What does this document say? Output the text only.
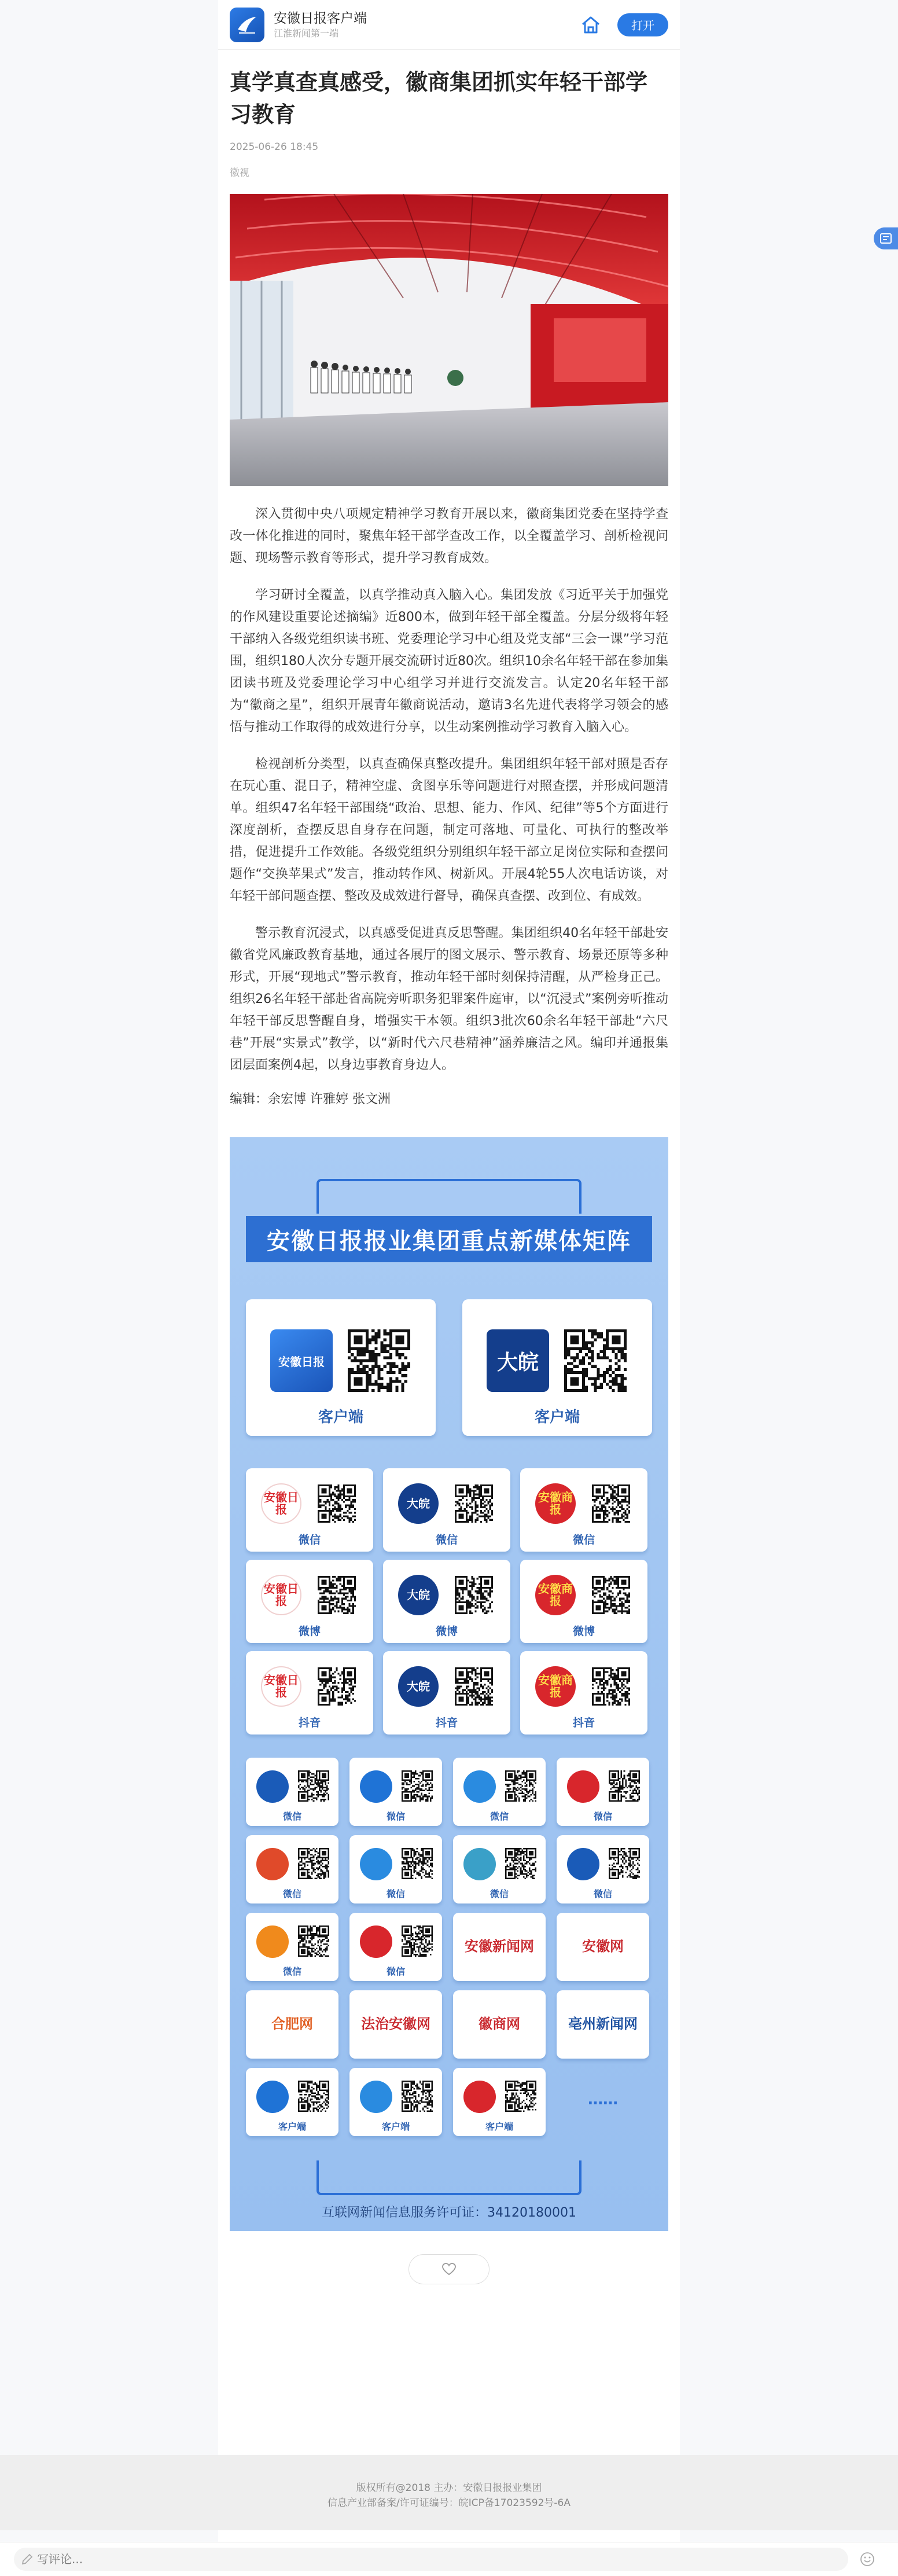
安徽日报客户端
江淮新闻第一端
打开
真学真查真感受，徽商集团抓实年轻干部学习教育
2025-06-26 18:45
徽视

深入贯彻中央八项规定精神学习教育开展以来，徽商集团党委在坚持学查改一体化推进的同时，聚焦年轻干部学查改工作，以全覆盖学习、剖析检视问题、现场警示教育等形式，提升学习教育成效。

学习研讨全覆盖，以真学推动真入脑入心。集团发放《习近平关于加强党的作风建设重要论述摘编》近800本，做到年轻干部全覆盖。分层分级将年轻干部纳入各级党组织读书班、党委理论学习中心组及党支部“三会一课”学习范围，组织180人次分专题开展交流研讨近80次。组织10余名年轻干部在参加集团读书班及党委理论学习中心组学习并进行交流发言。认定20名年轻干部为“徽商之星”，组织开展青年徽商说活动，邀请3名先进代表将学习领会的感悟与推动工作取得的成效进行分享，以生动案例推动学习教育入脑入心。

检视剖析分类型，以真查确保真整改提升。集团组织年轻干部对照是否存在玩心重、混日子，精神空虚、贪图享乐等问题进行对照查摆，并形成问题清单。组织47名年轻干部围绕“政治、思想、能力、作风、纪律”等5个方面进行深度剖析，查摆反思自身存在问题，制定可落地、可量化、可执行的整改举措，促进提升工作效能。各级党组织分别组织年轻干部立足岗位实际和查摆问题作“交换苹果式”发言，推动转作风、树新风。开展4轮55人次电话访谈，对年轻干部问题查摆、整改及成效进行督导，确保真查摆、改到位、有成效。

警示教育沉浸式，以真感受促进真反思警醒。集团组织40名年轻干部赴安徽省党风廉政教育基地，通过各展厅的图文展示、警示教育、场景还原等多种形式，开展“现地式”警示教育，推动年轻干部时刻保持清醒，从严检身正己。组织26名年轻干部赴省高院旁听职务犯罪案件庭审，以“沉浸式”案例旁听推动年轻干部反思警醒自身，增强实干本领。组织3批次60余名年轻干部赴“六尺巷”开展“实景式”教学，以“新时代六尺巷精神”涵养廉洁之风。编印并通报集团层面案例4起，以身边事教育身边人。

编辑：余宏博 许雅婷 张文洲
安徽日报报业集团重点新媒体矩阵
互联网新闻信息服务许可证：34120180001
安徽日报
客户端
大皖
客户端
安徽日报
微信
大皖
微信
安徽商报
微信
安徽日报
微博
大皖
微博
安徽商报
微博
安徽日报
抖音
大皖
抖音
安徽商报
抖音
微信	微信	微信	微信
微信	微信	微信	微信
微信	微信
安徽新闻网	安徽网
合肥网	法治安徽网	徽商网	亳州新闻网
客户端	客户端	客户端
……

版权所有@2018 主办：安徽日报报业集团

信息产业部备案/许可证编号：皖ICP备17023592号-6A

写评论...
